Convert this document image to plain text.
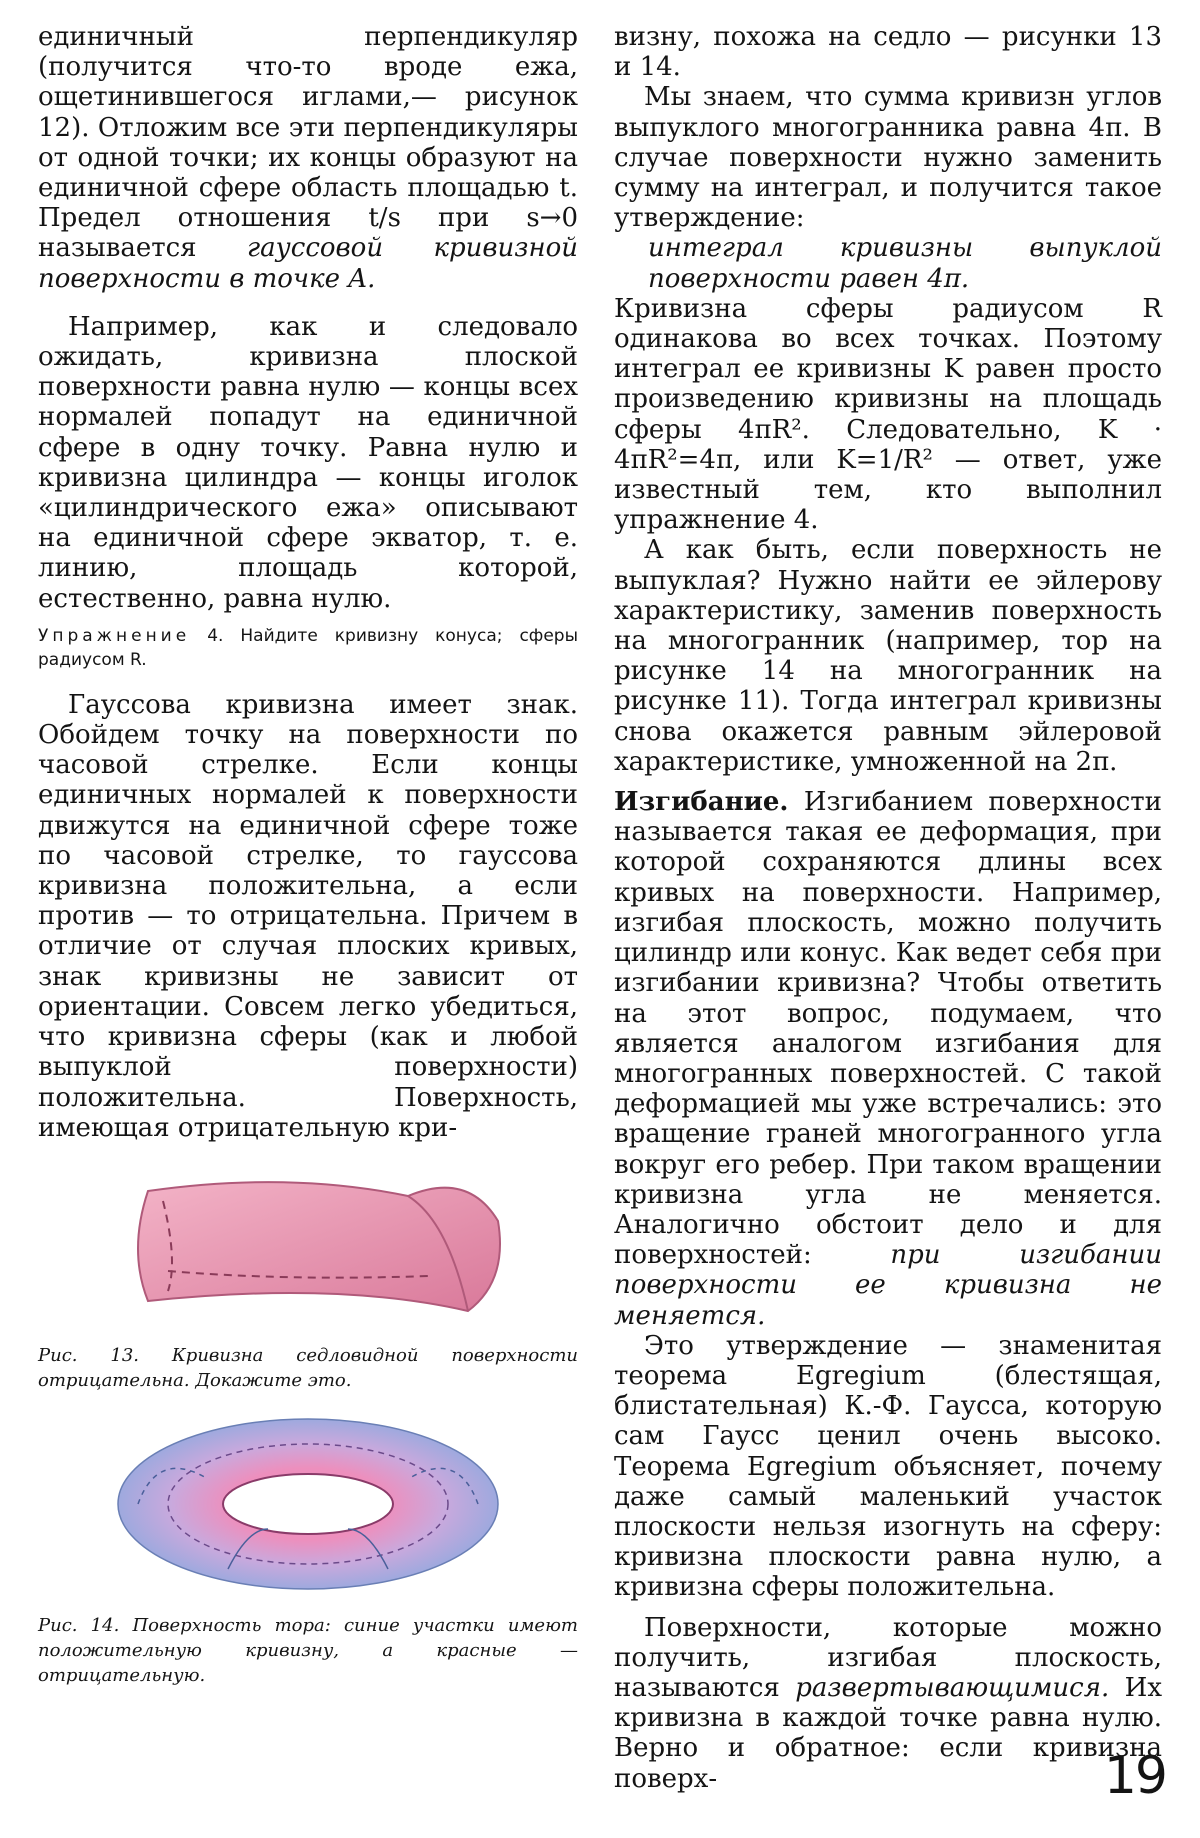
единичный перпендикуляр (получится что-то вроде ежа, ощетинившегося иглами,— рисунок 12). Отложим все эти перпендикуляры от одной точки; их концы образуют на единичной сфере область площадью t. Предел отношения t/s при s→0 называется гауссовой кривизной поверхности в точке A.

Например, как и следовало ожидать, кривизна плоской поверхности равна нулю — концы всех нормалей попадут на единичной сфере в одну точку. Равна нулю и кривизна цилиндра — концы иголок «цилиндрического ежа» описывают на единичной сфере экватор, т. е. линию, площадь которой, естественно, равна нулю.

Упражнение 4. Найдите кривизну конуса; сферы радиусом R.

Гауссова кривизна имеет знак. Обойдем точку на поверхности по часовой стрелке. Если концы единичных нормалей к поверхности движутся на единичной сфере тоже по часовой стрелке, то гауссова кривизна положительна, а если против — то отрицательна. Причем в отличие от случая плоских кривых, знак кривизны не зависит от ориентации. Совсем легко убедиться, что кривизна сферы (как и любой выпуклой поверхности) положительна. Поверхность, имеющая отрицательную кри-

Рис. 13. Кривизна седловидной поверхности отрицательна. Докажите это.

Рис. 14. Поверхность тора: синие участки имеют положительную кривизну, а красные — отрицательную.

визну, похожа на седло — рисунки 13 и 14.

Мы знаем, что сумма кривизн углов выпуклого многогранника равна 4π. В случае поверхности нужно заменить сумму на интеграл, и получится такое утверждение:

интеграл кривизны выпуклой поверхности равен 4π.

Кривизна сферы радиусом R одинакова во всех точках. Поэтому интеграл ее кривизны K равен просто произведению кривизны на площадь сферы 4πR². Следовательно, K · 4πR²=4π, или K=1/R² — ответ, уже известный тем, кто выполнил упражнение 4.

А как быть, если поверхность не выпуклая? Нужно найти ее эйлерову характеристику, заменив поверхность на многогранник (например, тор на рисунке 14 на многогранник на рисунке 11). Тогда интеграл кривизны снова окажется равным эйлеровой характеристике, умноженной на 2π.

Изгибание. Изгибанием поверхности называется такая ее деформация, при которой сохраняются длины всех кривых на поверхности. Например, изгибая плоскость, можно получить цилиндр или конус. Как ведет себя при изгибании кривизна? Чтобы ответить на этот вопрос, подумаем, что является аналогом изгибания для многогранных поверхностей. С такой деформацией мы уже встречались: это вращение граней многогранного угла вокруг его ребер. При таком вращении кривизна угла не меняется. Аналогично обстоит дело и для поверхностей: при изгибании поверхности ее кривизна не меняется.

Это утверждение — знаменитая теорема Egregium (блестящая, блистательная) К.-Ф. Гаусса, которую сам Гаусс ценил очень высоко. Теорема Egregium объясняет, почему даже самый маленький участок плоскости нельзя изогнуть на сферу: кривизна плоскости равна нулю, а кривизна сферы положительна.

Поверхности, которые можно получить, изгибая плоскость, называются развертывающимися. Их кривизна в каждой точке равна нулю. Верно и обратное: если кривизна поверх-	19
